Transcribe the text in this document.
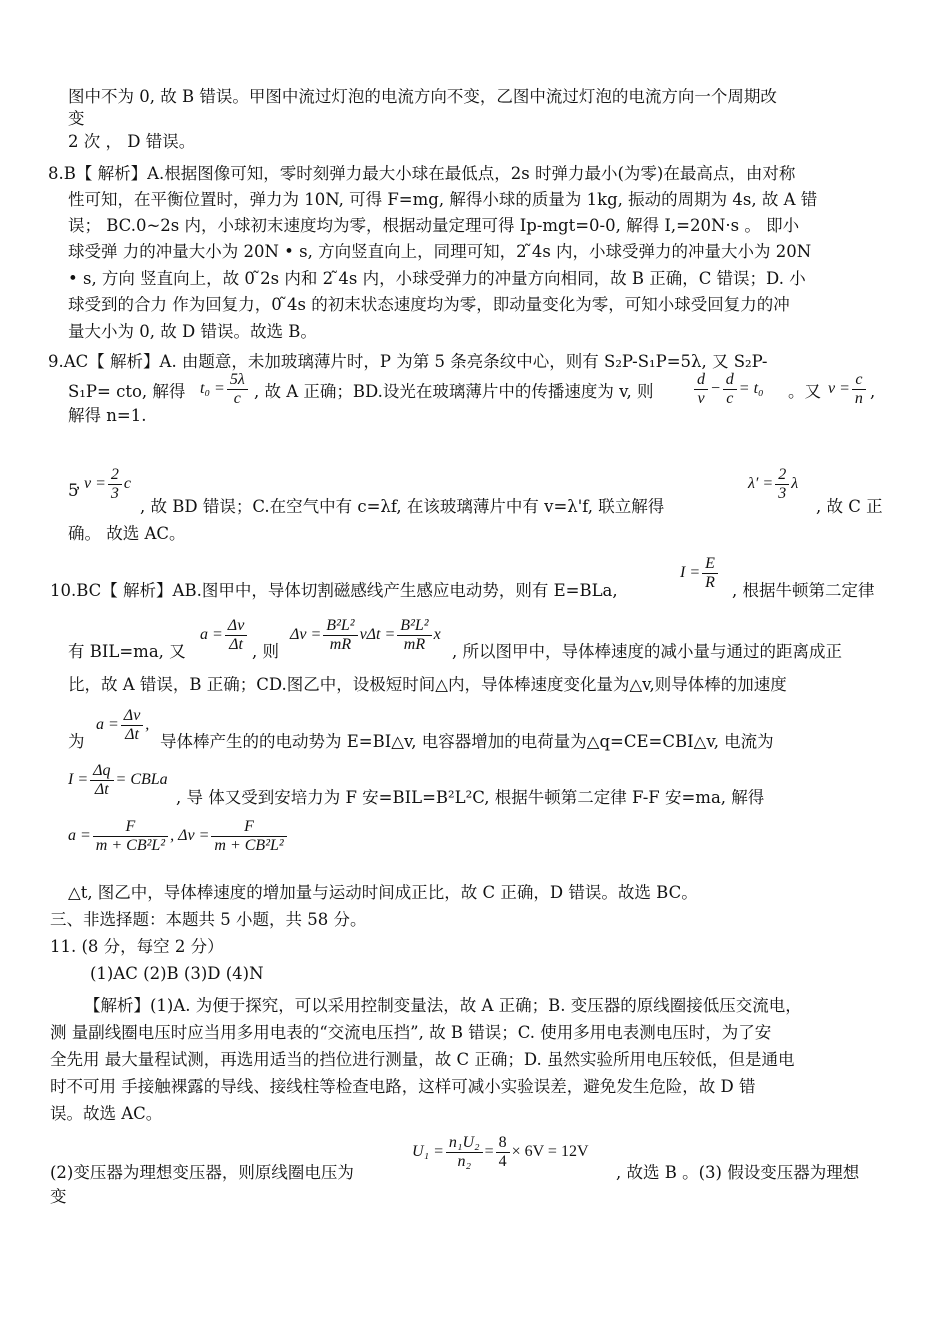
图中不为 0, 故 B 错误。甲图中流过灯泡的电流方向不变，乙图中流过灯泡的电流方向一个周期改
变
2 次 ， D 错误。
8.B【 解析】A.根据图像可知，零时刻弹力最大小球在最低点，2s 时弹力最小(为零)在最高点，由对称
性可知，在平衡位置时，弹力为 10N, 可得 F=mg, 解得小球的质量为 1kg, 振动的周期为 4s, 故 A 错
误； BC.0~2s 内，小球初末速度均为零，根据动量定理可得 Ip-mgt=0-0, 解得 I,=20N·s 。 即小
球受弹 力的冲量大小为 20N • s, 方向竖直向上，同理可知，2 ̃4s 内，小球受弹力的冲量大小为 20N
• s, 方向 竖直向上，故 0 ̃2s 内和 2 ̃4s 内，小球受弹力的冲量方向相同，故 B 正确，C 错误；D. 小
球受到的合力 作为回复力，0 ̃4s 的初末状态速度均为零，即动量变化为零，可知小球受回复力的冲
量大小为 0, 故 D 错误。故选 B。
9.AC【 解析】A. 由题意，未加玻璃薄片时，P 为第 5 条亮条纹中心，则有 S₂P-S₁P=5λ, 又 S₂P-
S₁P= cto, 解得 $t_0 = \frac{5\lambda}{c}$ , 故 A 正确；BD.设光在玻璃薄片中的传播速度为 v, 则	$\frac{d}{v} - \frac{d}{c} = t_0$ 。又 $v = \frac{c}{n}$ ,
解得 n=1.
5
, $v = \frac{2}{3}$ c
, 故 BD 错误；C.在空气中有 c=λf, 在该玻璃薄片中有 v=λ'f, 联立解得
$\lambda' = \frac{2}{3}$ λ
, 故 C 正
确。 故选 AC。
10.BC【 解析】AB.图甲中，导体切割磁感线产生感应电动势，则有 E=BLa,
$I = \frac{E}{R}$ , 根据牛顿第二定律
有 BIL=ma, 又
$a = \frac{\Delta v}{\Delta t}$ , 则
$\Delta v = \frac{\text{B²L²}}{mR}$ $v\Delta t = \frac{\text{B²L²}}{mR}$ x
, 所以图甲中，导体棒速度的减小量与通过的距离成正
比，故 A 错误，B 正确；CD.图乙中，设极短时间△内，导体棒速度变化量为△v,则导体棒的加速度
为
$a = \frac{\Delta v}{\Delta t}$ ,
导体棒产生的的电动势为 E=BI△v, 电容器增加的电荷量为△q=CE=CBI△v, 电流为
$I = \frac{\Delta q}{\Delta t}$ = CBLa
, 导 体又受到安培力为 F 安=BIL=B²L²C, 根据牛顿第二定律 F-F 安=ma, 解得
$a = \frac{F}{\text{m + CB²L²}}$ , $\Delta v = \frac{F}{\text{m + CB²L²}}$
△t, 图乙中，导体棒速度的增加量与运动时间成正比，故 C 正确，D 错误。故选 BC。
三、非选择题：本题共 5 小题，共 58 分。
11. (8 分，每空 2 分）
(1)AC (2)B (3)D (4)N
【解析】(1)A. 为便于探究，可以采用控制变量法，故 A 正确；B. 变压器的原线圈接低压交流电，
测 量副线圈电压时应当用多用电表的“交流电压挡”, 故 B 错误；C. 使用多用电表测电压时，为了安
全先用 最大量程试测，再选用适当的挡位进行测量，故 C 正确；D. 虽然实验所用电压较低，但是通电
时不可用 手接触裸露的导线、接线柱等检查电路，这样可减小实验误差，避免发生危险，故 D 错
误。故选 AC。
(2)变压器为理想变压器，则原线圈电压为
$U_1 = \frac{\text{n₁U₂}}{\text{n₂}} = \frac{8}{4} \times 6V = 12V$
, 故选 B 。(3) 假设变压器为理想
变
